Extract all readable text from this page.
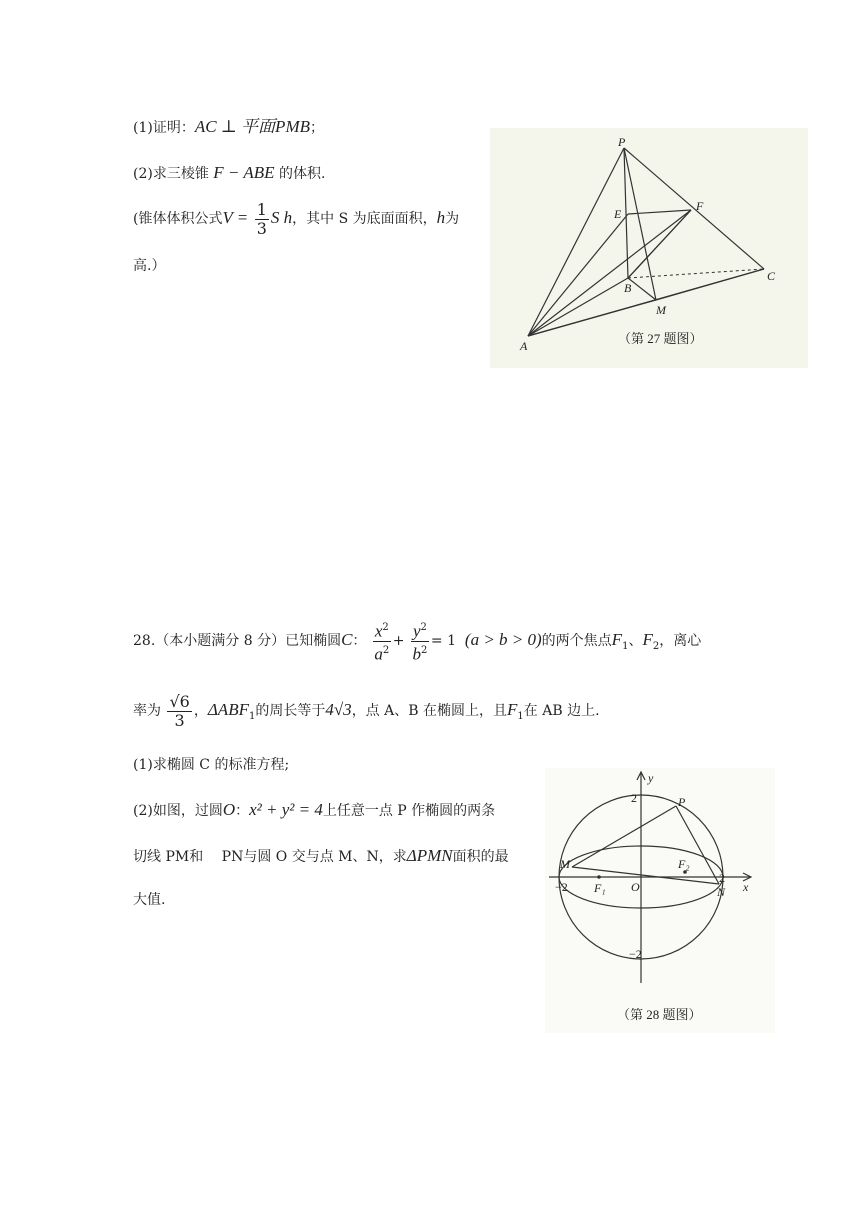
(1)证明：AC ⊥ 平面PMB；
(2)求三棱锥 F − ABE 的体积.
(锥体体积公式$V = \frac{1}{3}$ S h，其中 S 为底面面积，h为
高.）
P
E
F
B
C
M
A	（第 27 题图）
28.（本小题满分 8 分）已知椭圆C： $\frac{x^2}{a^2} + \frac{y^2}{b^2} = 1$ (a > b > 0)的两个焦点$F_1$、$F_2$，离心
率为 $\frac{√6}{3}$ ，$\Delta ABF_1$的周长等于4√3，点 A、B 在椭圆上，且$F_1$在 AB 边上.
(1)求椭圆 C 的标准方程;
(2)如图，过圆O：x² + y² = 4上任意一点 P 作椭圆的两条
切线 PM和　 PN与圆 O 交与点 M、N，求ΔPMN面积的最
大值.
y
x
2
−2
−2
2
P
M
N
O
F₁
F₂
（第 28 题图）
